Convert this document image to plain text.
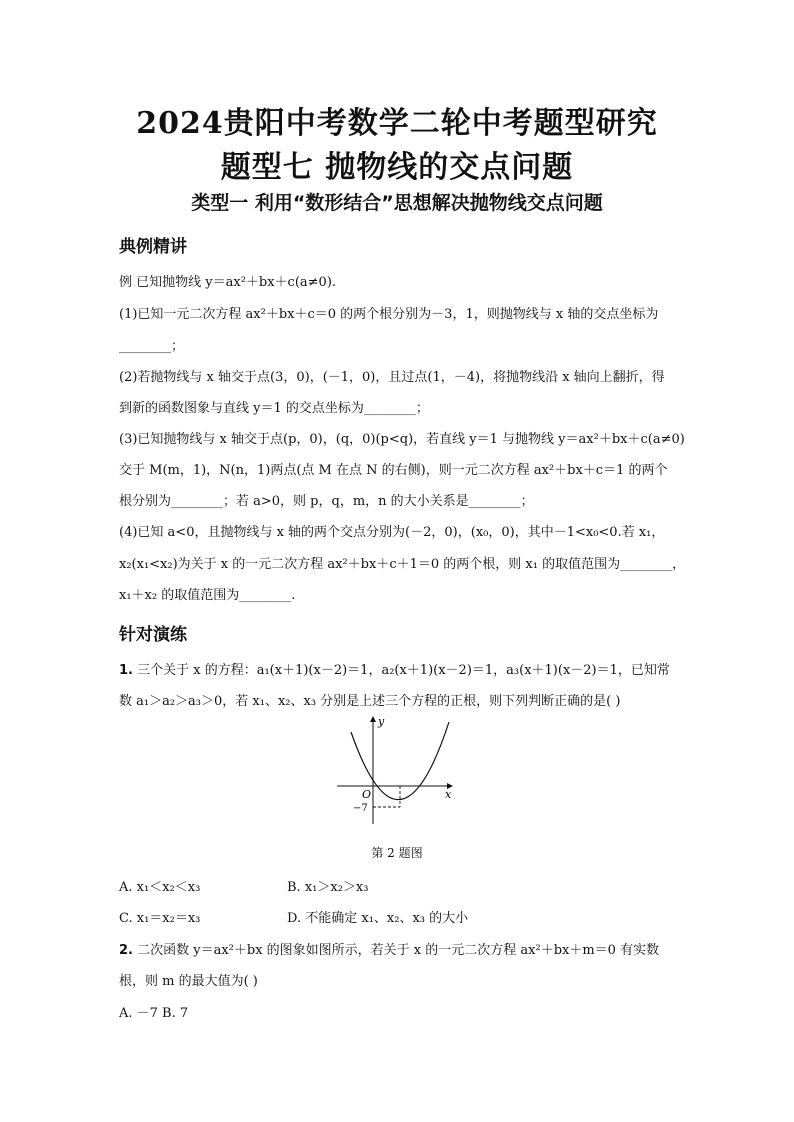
2024贵阳中考数学二轮中考题型研究
题型七 抛物线的交点问题
类型一 利用“数形结合”思想解决抛物线交点问题
典例精讲
例 已知抛物线 y＝ax²＋bx＋c(a≠0).
(1)已知一元二次方程 ax²＋bx＋c＝0 的两个根分别为－3，1，则抛物线与 x 轴的交点坐标为
________；
(2)若抛物线与 x 轴交于点(3，0)，(－1，0)，且过点(1，－4)，将抛物线沿 x 轴向上翻折，得
到新的函数图象与直线 y＝1 的交点坐标为________；
(3)已知抛物线与 x 轴交于点(p，0)，(q，0)(p<q)，若直线 y＝1 与抛物线 y＝ax²＋bx＋c(a≠0)
交于 M(m，1)，N(n，1)两点(点 M 在点 N 的右侧)，则一元二次方程 ax²＋bx＋c＝1 的两个
根分别为________；若 a>0，则 p，q，m，n 的大小关系是________；
(4)已知 a<0，且抛物线与 x 轴的两个交点分别为(－2，0)，(x₀，0)，其中－1<x₀<0.若 x₁，
x₂(x₁<x₂)为关于 x 的一元二次方程 ax²＋bx＋c＋1＝0 的两个根，则 x₁ 的取值范围为________，
x₁＋x₂ 的取值范围为________.
针对演练
1. 三个关于 x 的方程：a₁(x＋1)(x－2)＝1，a₂(x＋1)(x－2)＝1，a₃(x＋1)(x－2)＝1，已知常
数 a₁＞a₂＞a₃＞0，若 x₁、x₂、x₃ 分别是上述三个方程的正根，则下列判断正确的是( )
y
x
O
−7
第 2 题图
A. x₁＜x₂＜x₃	B. x₁＞x₂＞x₃
C. x₁＝x₂＝x₃	D. 不能确定 x₁、x₂、x₃ 的大小
2. 二次函数 y＝ax²＋bx 的图象如图所示，若关于 x 的一元二次方程 ax²＋bx＋m＝0 有实数
根，则 m 的最大值为( )
A. －7 B. 7
